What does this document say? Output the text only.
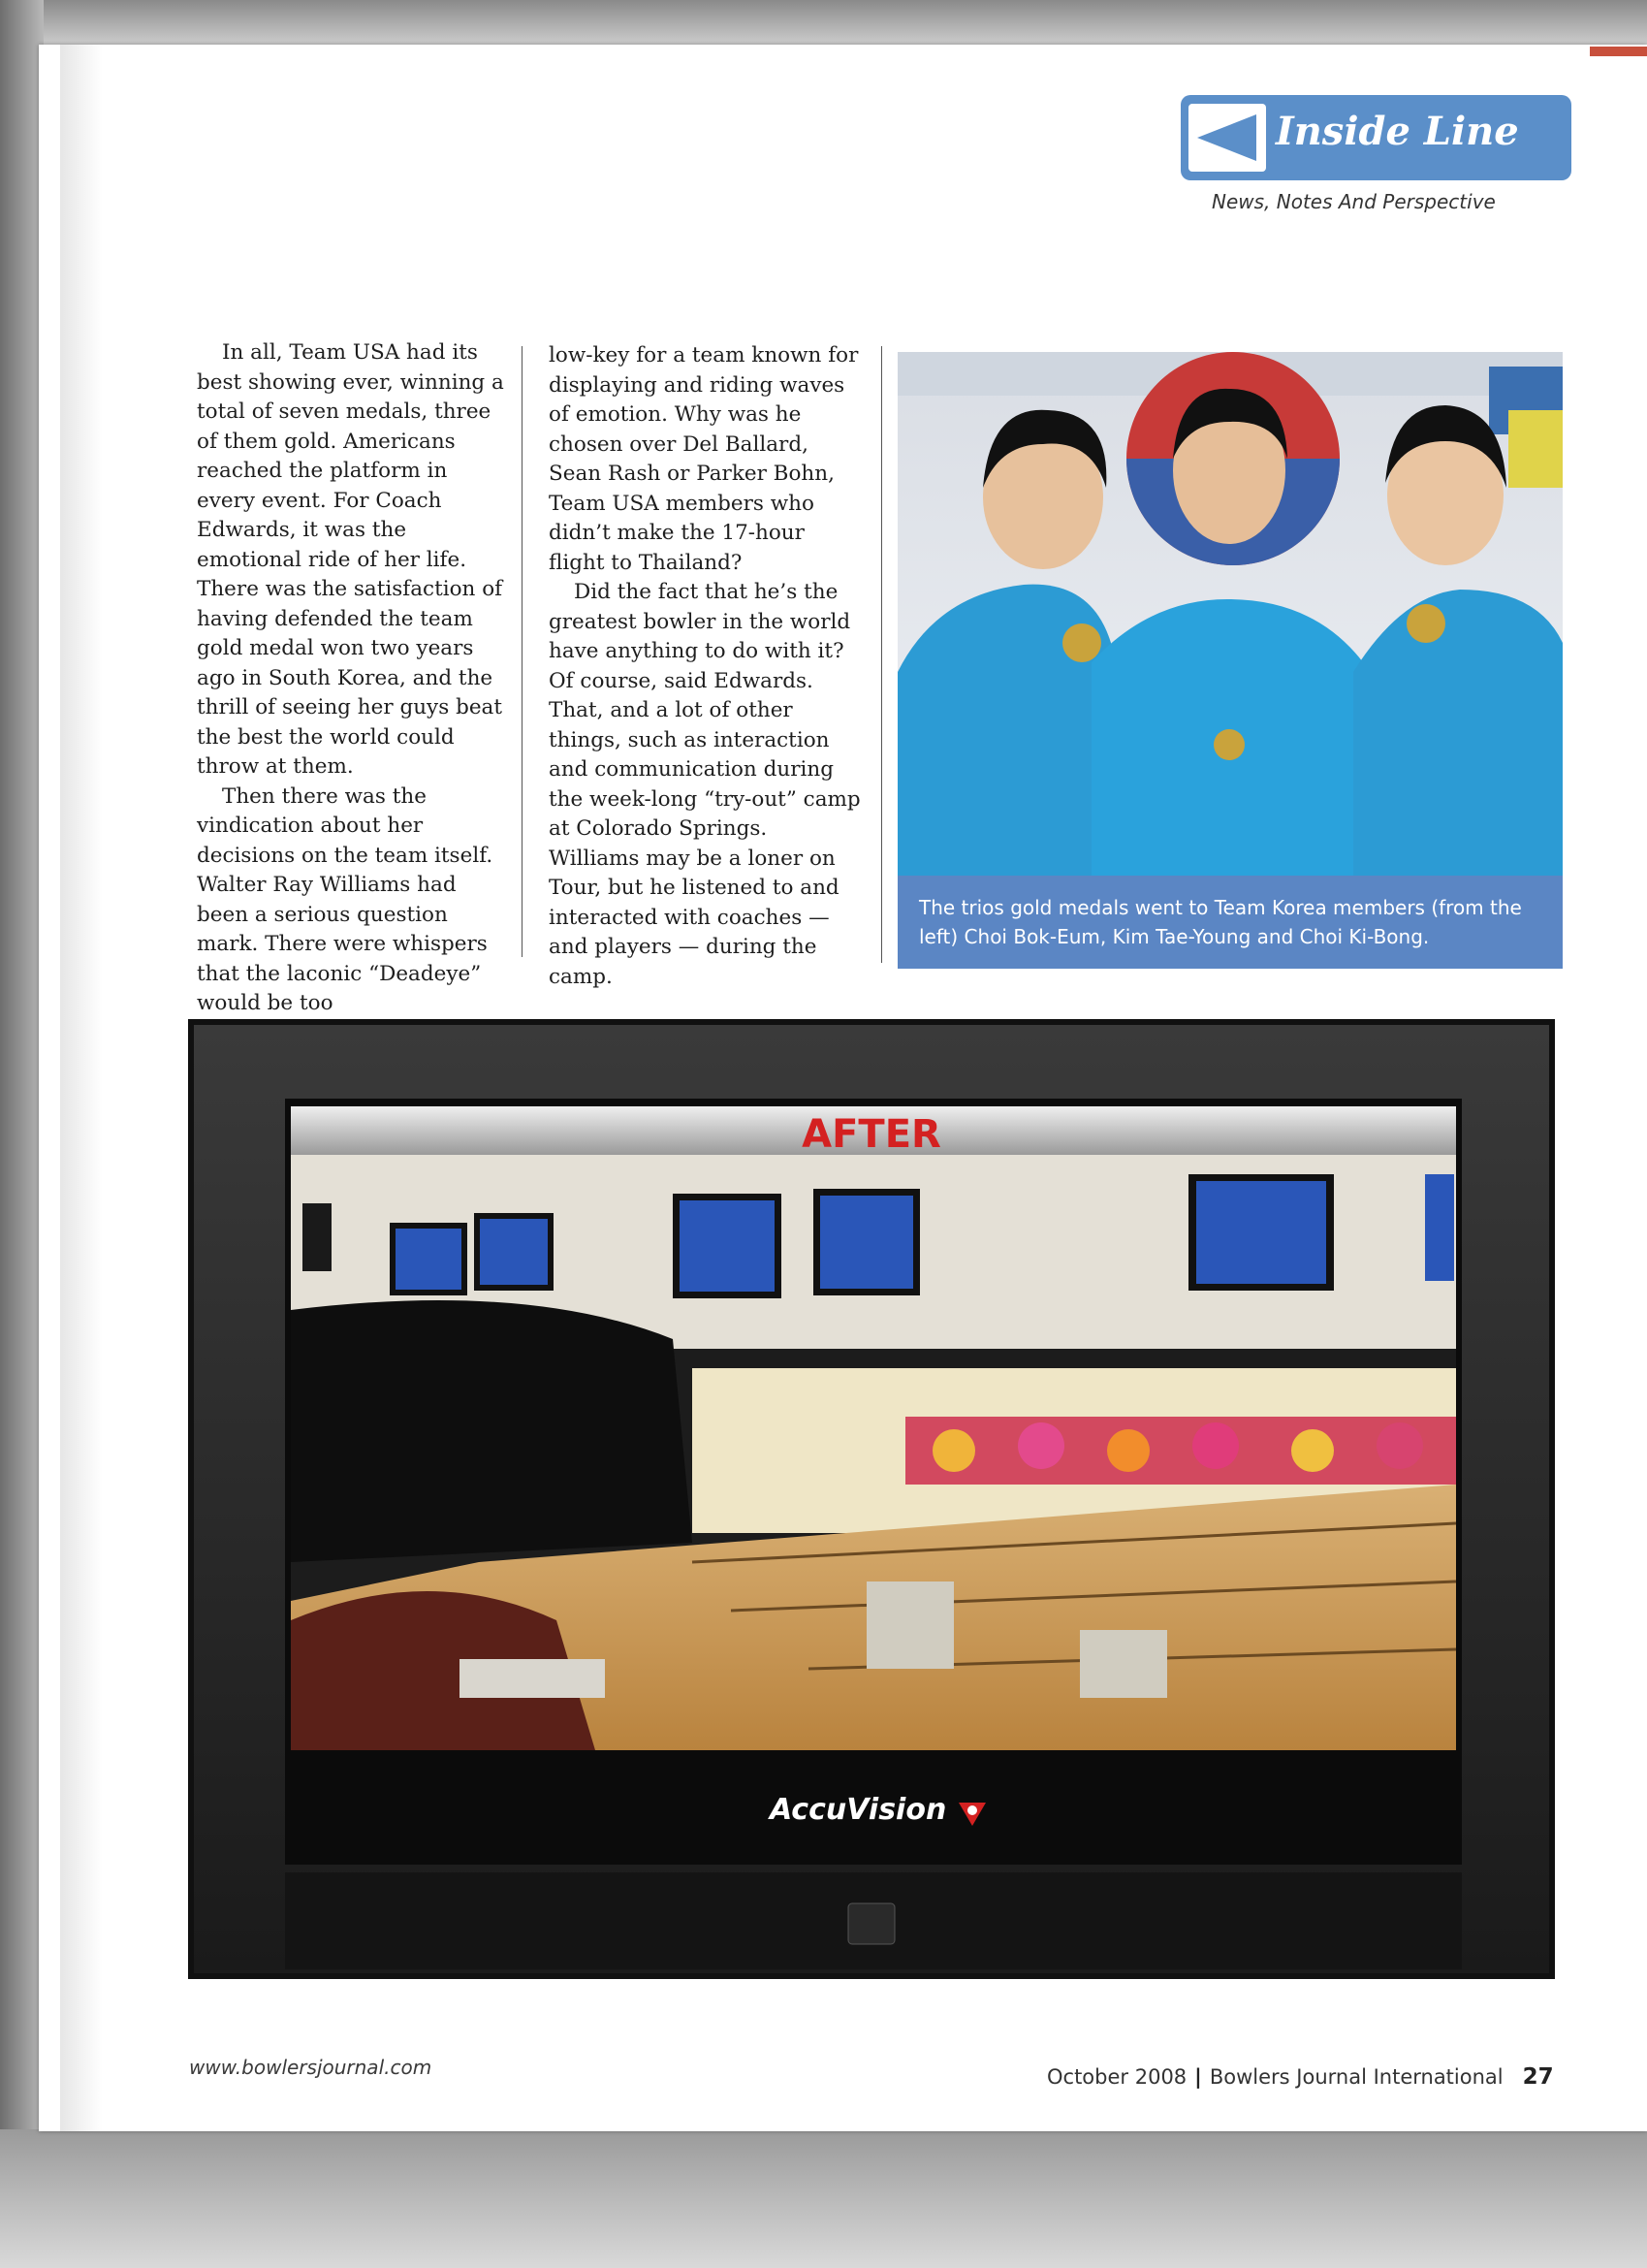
Inside Line
News, Notes And Perspective

In all, Team USA had its best showing ever, winning a total of seven medals, three of them gold. Americans reached the platform in every event. For Coach Edwards, it was the emotional ride of her life. There was the satisfaction of having defended the team gold medal won two years ago in South Korea, and the thrill of seeing her guys beat the best the world could throw at them.

Then there was the vindication about her decisions on the team itself. Walter Ray Williams had been a serious question mark. There were whispers that the laconic “Deadeye” would be too

low-key for a team known for displaying and riding waves of emotion. Why was he chosen over Del Ballard, Sean Rash or Parker Bohn, Team USA members who didn’t make the 17-hour flight to Thailand?

Did the fact that he’s the greatest bowler in the world have anything to do with it? Of course, said Edwards. That, and a lot of other things, such as interaction and communication during the week-long “try-out” camp at Colorado Springs. Williams may be a loner on Tour, but he listened to and interacted with coaches — and players — during the camp.

The trios gold medals went to Team Korea members (from the left) Choi Bok-Eum, Kim Tae-Young and Choi Ki-Bong.
AFTER
AccuVision
www.bowlersjournal.com	October 2008 | Bowlers Journal International 27
